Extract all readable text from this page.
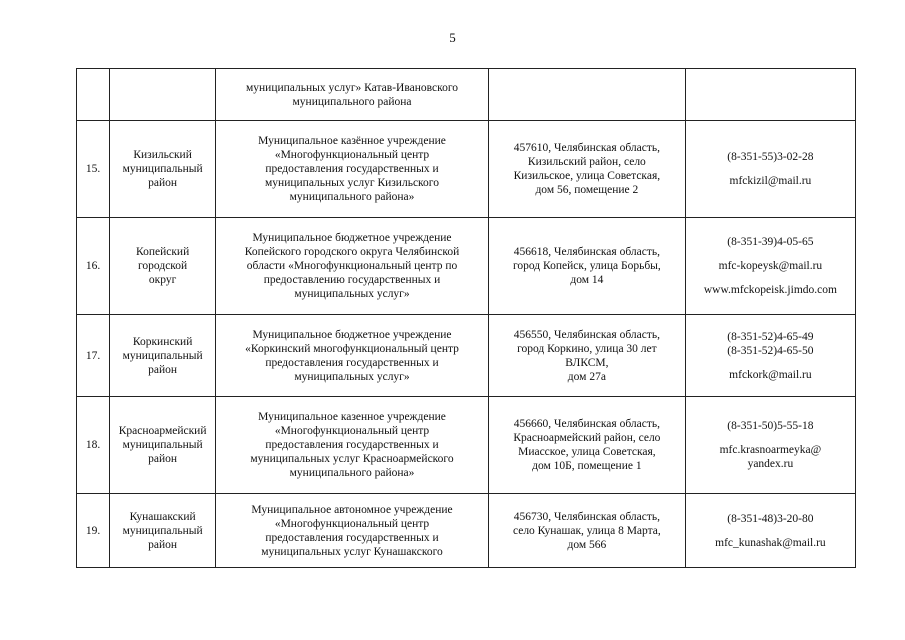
5

		муниципальных услуг» Катав-Ивановского
муниципального района		

15.	Кизильский
муниципальный
район	Муниципальное казённое учреждение
«Многофункциональный центр
предоставления государственных и
муниципальных услуг Кизильского
муниципального района»	457610, Челябинская область,
Кизильский район, село
Кизильское, улица Советская,
дом 56, помещение 2	(8-351-55)3-02-28
mfckizil@mail.ru

16.	Копейский городской
округ	Муниципальное бюджетное учреждение
Копейского городского округа Челябинской
области «Многофункциональный центр по
предоставлению государственных и
муниципальных услуг»	456618, Челябинская область,
город Копейск, улица Борьбы,
дом 14	(8-351-39)4-05-65
mfc-kopeysk@mail.ru
www.mfckopeisk.jimdo.com

17.	Коркинский
муниципальный
район	Муниципальное бюджетное учреждение
«Коркинский многофункциональный центр
предоставления государственных и
муниципальных услуг»	456550, Челябинская область,
город Коркино, улица 30 лет
ВЛКСМ,
дом 27а	(8-351-52)4-65-49
(8-351-52)4-65-50
mfckork@mail.ru

18.	Красноармейский
муниципальный
район	Муниципальное казенное учреждение
«Многофункциональный центр
предоставления государственных и
муниципальных услуг Красноармейского
муниципального района»	456660, Челябинская область,
Красноармейский район, село
Миасское, улица Советская,
дом 10Б, помещение 1	(8-351-50)5-55-18
mfc.krasnoarmeyka@
yandex.ru

19.	Кунашакский
муниципальный
район	Муниципальное автономное учреждение
«Многофункциональный центр
предоставления государственных и
муниципальных услуг Кунашакского	456730, Челябинская область,
село Кунашак, улица 8 Марта,
дом 566	(8-351-48)3-20-80
mfc_kunashak@mail.ru
